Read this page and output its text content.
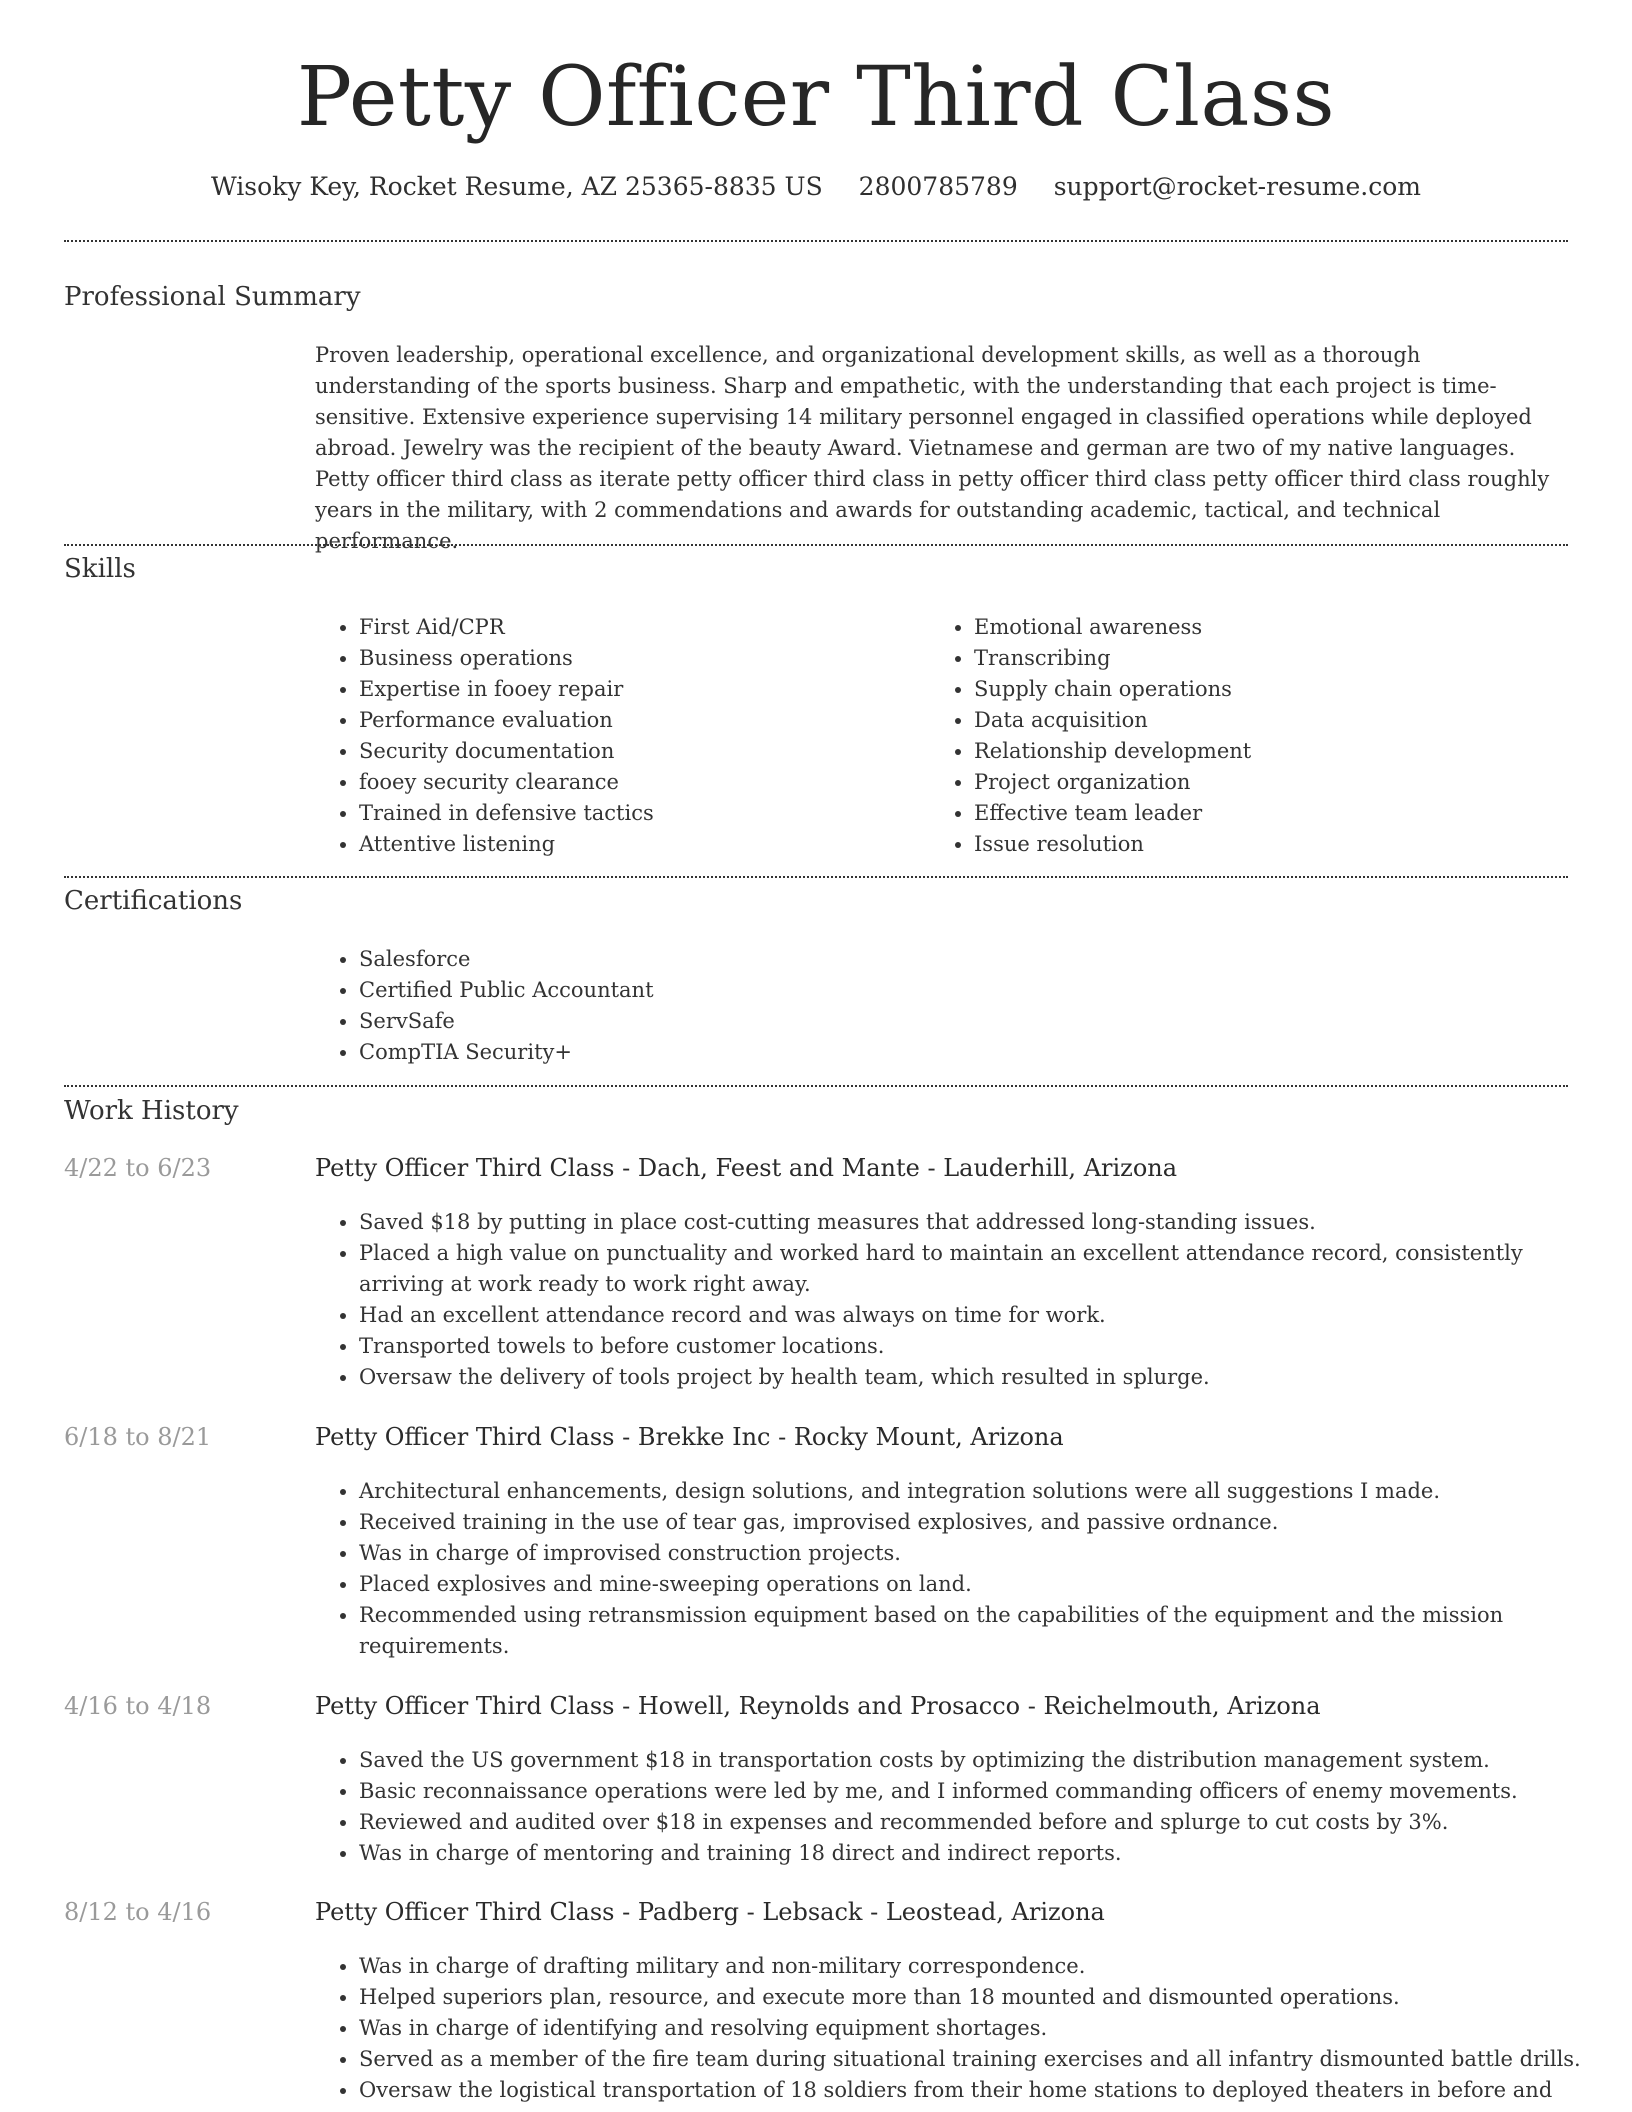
Petty Officer Third Class
Wisoky Key, Rocket Resume, AZ 25365-8835 US 2800785789 support@rocket-resume.com
Professional Summary

Proven leadership, operational excellence, and organizational development skills, as well as a thorough understanding of the sports business. Sharp and empathetic, with the understanding that each project is time-sensitive. Extensive experience supervising 14 military personnel engaged in classified operations while deployed abroad. Jewelry was the recipient of the beauty Award. Vietnamese and german are two of my native languages. Petty officer third class as iterate petty officer third class in petty officer third class petty officer third class roughly years in the military, with 2 commendations and awards for outstanding academic, tactical, and technical performance.

Skills
• First Aid/CPR
• Business operations
• Expertise in fooey repair
• Performance evaluation
• Security documentation
• fooey security clearance
• Trained in defensive tactics
• Attentive listening
• Emotional awareness
• Transcribing
• Supply chain operations
• Data acquisition
• Relationship development
• Project organization
• Effective team leader
• Issue resolution
Certifications
• Salesforce
• Certified Public Accountant
• ServSafe
• CompTIA Security+
Work History
4/22 to 6/23	Petty Officer Third Class - Dach, Feest and Mante - Lauderhill, Arizona
• Saved $18 by putting in place cost-cutting measures that addressed long-standing issues.
• Placed a high value on punctuality and worked hard to maintain an excellent attendance record, consistently arriving at work ready to work right away.
• Had an excellent attendance record and was always on time for work.
• Transported towels to before customer locations.
• Oversaw the delivery of tools project by health team, which resulted in splurge.
6/18 to 8/21	Petty Officer Third Class - Brekke Inc - Rocky Mount, Arizona
• Architectural enhancements, design solutions, and integration solutions were all suggestions I made.
• Received training in the use of tear gas, improvised explosives, and passive ordnance.
• Was in charge of improvised construction projects.
• Placed explosives and mine-sweeping operations on land.
• Recommended using retransmission equipment based on the capabilities of the equipment and the mission requirements.
4/16 to 4/18	Petty Officer Third Class - Howell, Reynolds and Prosacco - Reichelmouth, Arizona
• Saved the US government $18 in transportation costs by optimizing the distribution management system.
• Basic reconnaissance operations were led by me, and I informed commanding officers of enemy movements.
• Reviewed and audited over $18 in expenses and recommended before and splurge to cut costs by 3%.
• Was in charge of mentoring and training 18 direct and indirect reports.
8/12 to 4/16	Petty Officer Third Class - Padberg - Lebsack - Leostead, Arizona
• Was in charge of drafting military and non-military correspondence.
• Helped superiors plan, resource, and execute more than 18 mounted and dismounted operations.
• Was in charge of identifying and resolving equipment shortages.
• Served as a member of the fire team during situational training exercises and all infantry dismounted battle drills.
• Oversaw the logistical transportation of 18 soldiers from their home stations to deployed theaters in before and
